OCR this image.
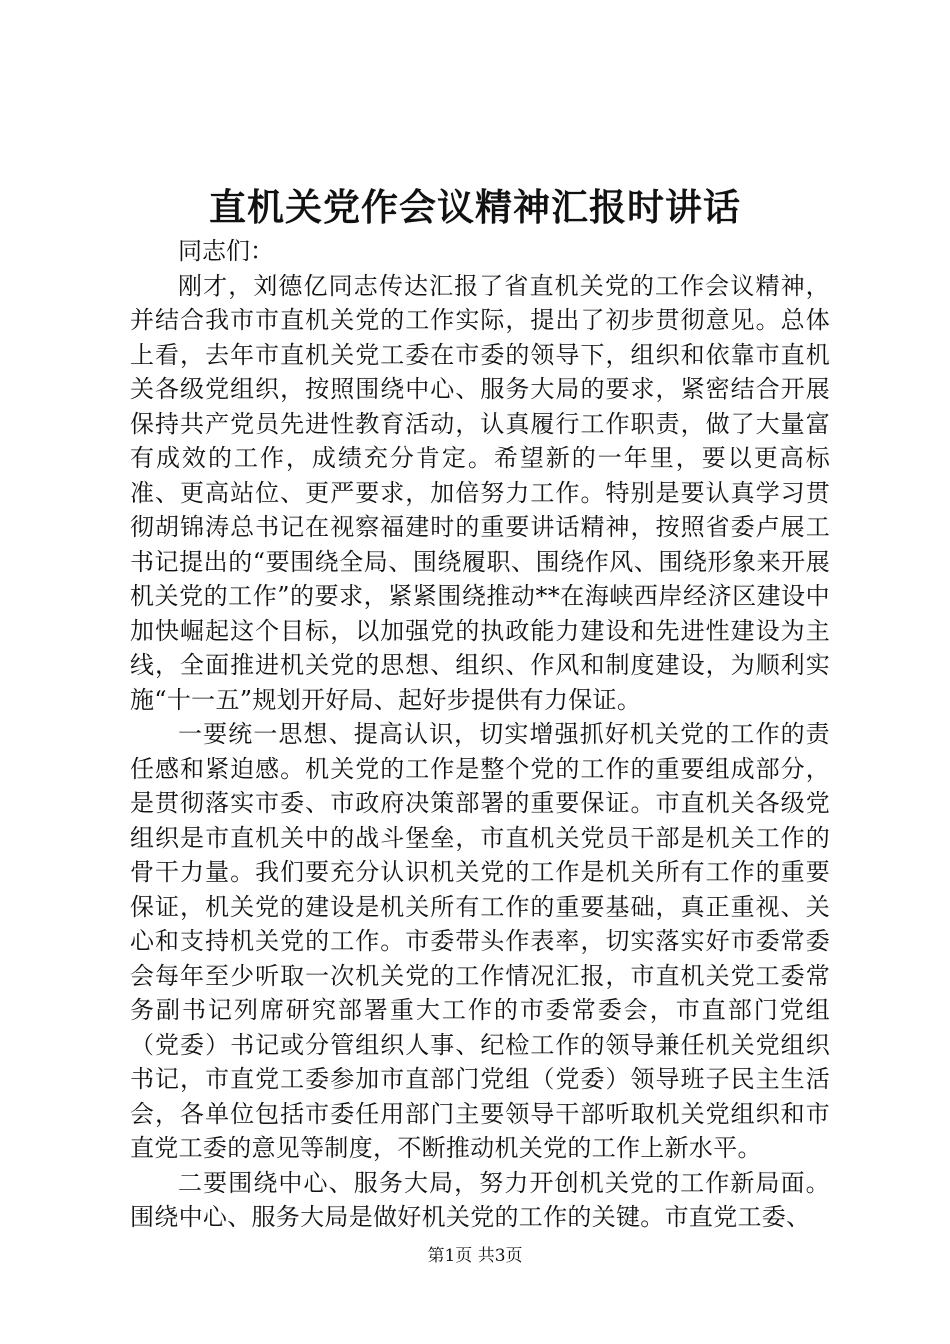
直机关党作会议精神汇报时讲话

同志们：

刚才，刘德亿同志传达汇报了省直机关党的工作会议精神，并结合我市市直机关党的工作实际，提出了初步贯彻意见。总体上看，去年市直机关党工委在市委的领导下，组织和依靠市直机关各级党组织，按照围绕中心、服务大局的要求，紧密结合开展保持共产党员先进性教育活动，认真履行工作职责，做了大量富有成效的工作，成绩充分肯定。希望新的一年里，要以更高标准、更高站位、更严要求，加倍努力工作。特别是要认真学习贯彻胡锦涛总书记在视察福建时的重要讲话精神，按照省委卢展工书记提出的“要围绕全局、围绕履职、围绕作风、围绕形象来开展机关党的工作”的要求，紧紧围绕推动**在海峡西岸经济区建设中加快崛起这个目标，以加强党的执政能力建设和先进性建设为主线，全面推进机关党的思想、组织、作风和制度建设，为顺利实施“十一五”规划开好局、起好步提供有力保证。

一要统一思想、提高认识，切实增强抓好机关党的工作的责任感和紧迫感。机关党的工作是整个党的工作的重要组成部分，是贯彻落实市委、市政府决策部署的重要保证。市直机关各级党组织是市直机关中的战斗堡垒，市直机关党员干部是机关工作的骨干力量。我们要充分认识机关党的工作是机关所有工作的重要保证，机关党的建设是机关所有工作的重要基础，真正重视、关心和支持机关党的工作。市委带头作表率，切实落实好市委常委会每年至少听取一次机关党的工作情况汇报，市直机关党工委常务副书记列席研究部署重大工作的市委常委会，市直部门党组（党委）书记或分管组织人事、纪检工作的领导兼任机关党组织书记，市直党工委参加市直部门党组（党委）领导班子民主生活会，各单位包括市委任用部门主要领导干部听取机关党组织和市直党工委的意见等制度，不断推动机关党的工作上新水平。

二要围绕中心、服务大局，努力开创机关党的工作新局面。围绕中心、服务大局是做好机关党的工作的关键。市直党工委、

第1页 共3页
